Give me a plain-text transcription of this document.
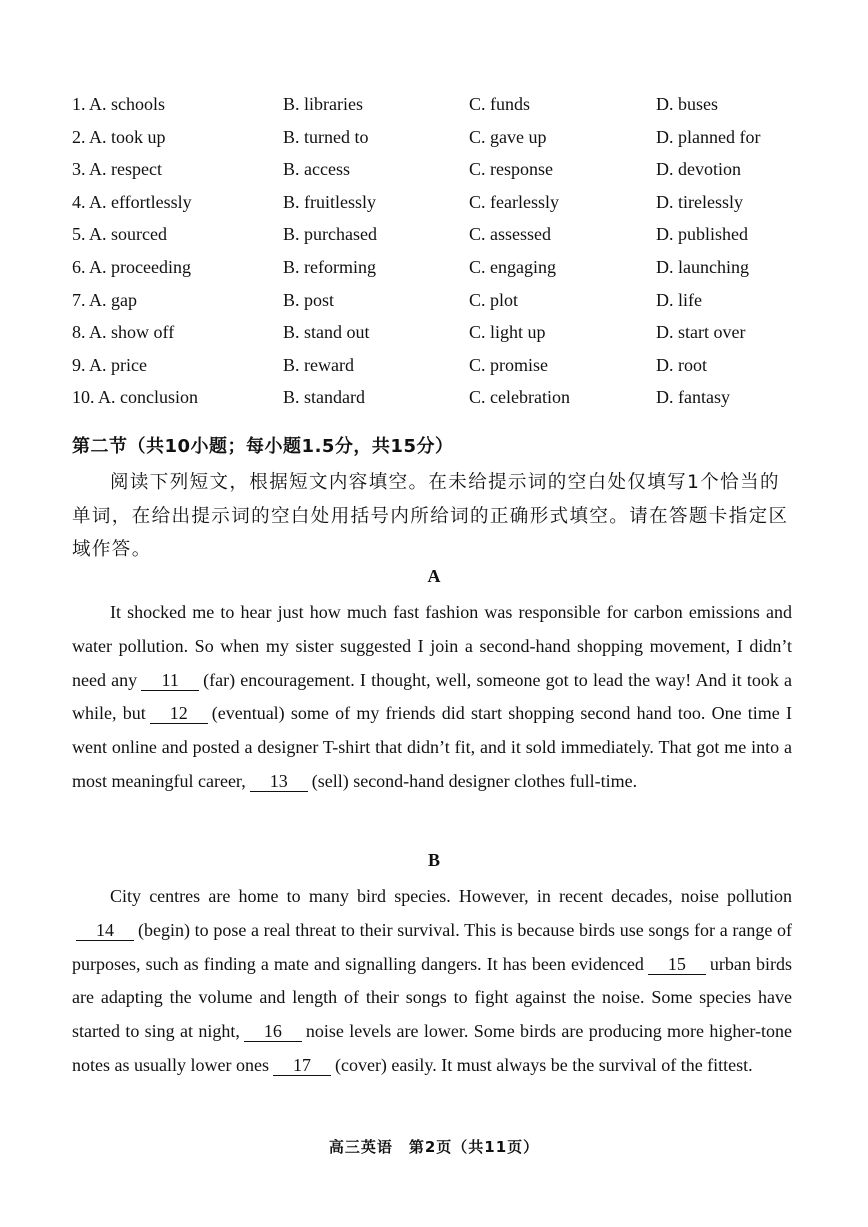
1. A. schools	B. libraries	C. funds	D. buses
2. A. took up	B. turned to	C. gave up	D. planned for
3. A. respect	B. access	C. response	D. devotion
4. A. effortlessly	B. fruitlessly	C. fearlessly	D. tirelessly
5. A. sourced	B. purchased	C. assessed	D. published
6. A. proceeding	B. reforming	C. engaging	D. launching
7. A. gap	B. post	C. plot	D. life
8. A. show off	B. stand out	C. light up	D. start over
9. A. price	B. reward	C. promise	D. root
10. A. conclusion	B. standard	C. celebration	D. fantasy
第二节（共10小题；每小题1.5分，共15分）
阅读下列短文，根据短文内容填空。在未给提示词的空白处仅填写1个恰当的单词，在给出提示词的空白处用括号内所给词的正确形式填空。请在答题卡指定区域作答。
A
It shocked me to hear just how much fast fashion was responsible for carbon emissions and water pollution. So when my sister suggested I join a second-hand shopping movement, I didn’t need any 11 (far) encouragement. I thought, well, someone got to lead the way! And it took a while, but 12 (eventual) some of my friends did start shopping second hand too. One time I went online and posted a designer T-shirt that didn’t fit, and it sold immediately. That got me into a most meaningful career, 13 (sell) second-hand designer clothes full-time.
B
City centres are home to many bird species. However, in recent decades, noise pollution14 (begin) to pose a real threat to their survival. This is because birds use songs for a range of purposes, such as finding a mate and signalling dangers. It has been evidenced 15 urban birds are adapting the volume and length of their songs to fight against the noise. Some species have started to sing at night, 16 noise levels are lower. Some birds are producing more higher-tone notes as usually lower ones 17 (cover) easily. It must always be the survival of the fittest.
高三英语　第2页（共11页）
